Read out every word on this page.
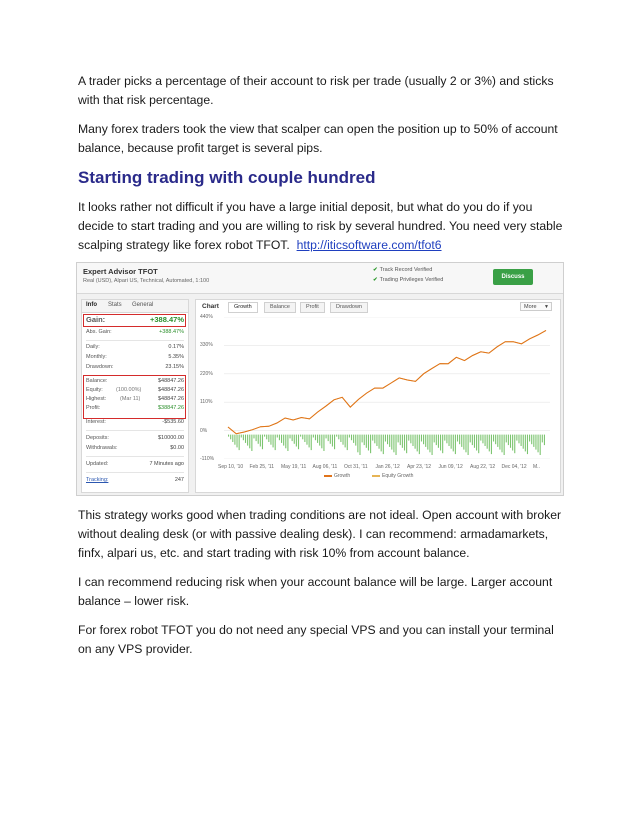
A trader picks a percentage of their account to risk per trade (usually 2 or 3%) and sticks with that risk percentage.

Many forex traders took the view that scalper can open the position up to 50% of account balance, because profit target is several pips.

Starting trading with couple hundred

It looks rather not difficult if you have a large initial deposit, but what do you do if you decide to start trading and you are willing to risk by several hundred. You need very stable scalping strategy like forex robot TFOT. http://iticsoftware.com/tfot6

Expert Advisor TFOT
Real (USD), Alpari US, Technical, Automated, 1:100
✔ Track Record Verified
✔ Trading Privileges Verified	Discuss
Info Stats General
Gain:	+388.47%
Abs. Gain:	+388.47%
Daily:	0.17%
Monthly:	5.35%
Drawdown:	23.15%
Balance:	$48847.26
Equity: (100.00%)	$48847.26
Highest:	(Mar 11)	$48847.26
Profit:	$38847.26
Interest:	-$535.60
Deposits:	$10000.00
Withdrawals:	$0.00
Updated:	7 Minutes ago
Tracking:	247
Chart	Growth	Balance	Profit	Drawdown	More ▼
440%
330%
220%
110%
0%
-110%
Sep 10, '10 Feb 25, '11 May 19, '11 Aug 06, '11 Oct 31, '11 Jan 26, '12 Apr 23, '12 Jun 09, '12 Aug 22, '12 Dec 04, '12 M..
Growth	Equity Growth

This strategy works good when trading conditions are not ideal. Open account with broker without dealing desk (or with passive dealing desk). I can recommend: armadamarkets, finfx, alpari us, etc. and start trading with risk 10% from account balance.

I can recommend reducing risk when your account balance will be large. Larger account balance – lower risk.

For forex robot TFOT you do not need any special VPS and you can install your terminal on any VPS provider.
